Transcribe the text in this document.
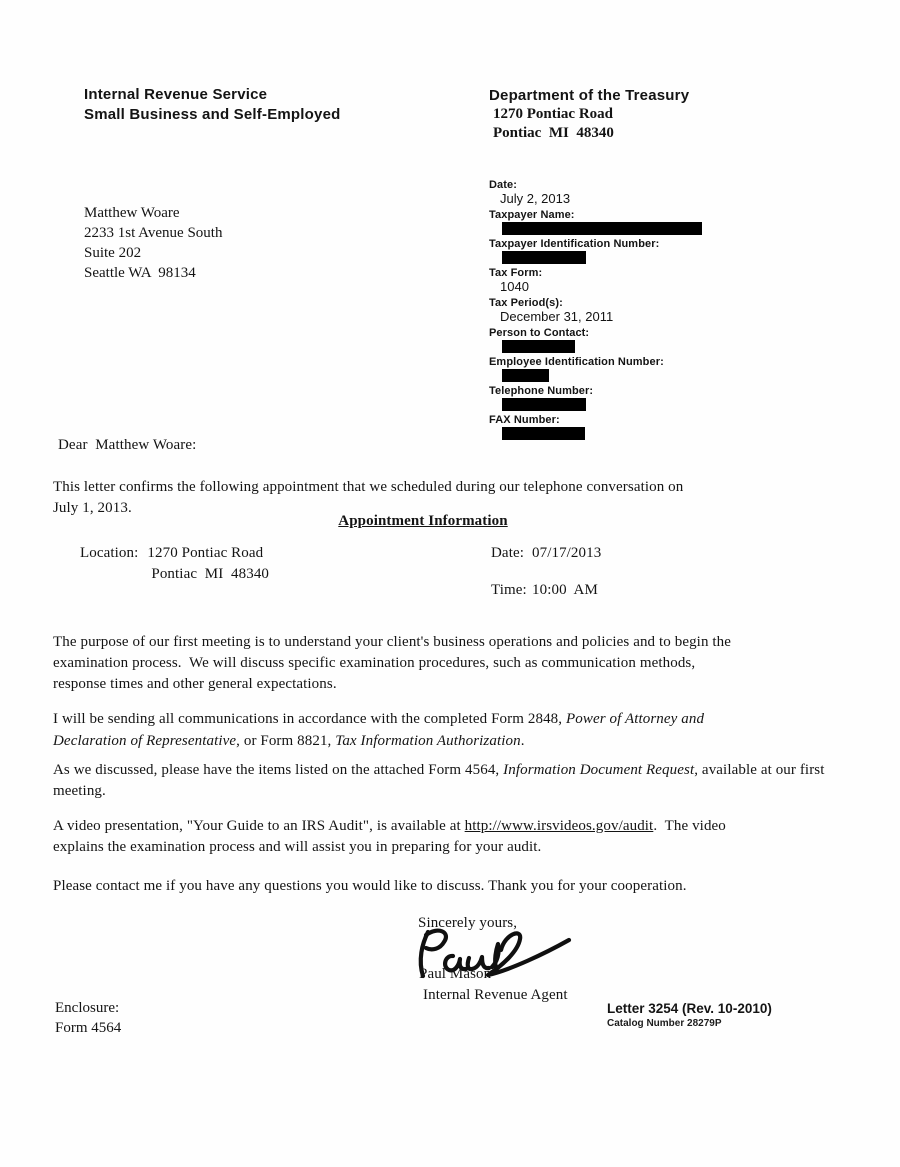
Internal Revenue Service
Small Business and Self-Employed
Department of the Treasury
1270 Pontiac Road
Pontiac  MI  48340
Matthew Woare
2233 1st Avenue South
Suite 202
Seattle WA  98134
Date:
July 2, 2013
Taxpayer Name:
Taxpayer Identification Number:
Tax Form:
1040
Tax Period(s):
December 31, 2011
Person to Contact:
Employee Identification Number:
Telephone Number:
FAX Number:
Dear  Matthew Woare:
This letter confirms the following appointment that we scheduled during our telephone conversation on
July 1, 2013.
Appointment Information
Location: 1270 Pontiac Road
Pontiac  MI  48340
Date: 07/17/2013
Time: 10:00  AM
The purpose of our first meeting is to understand your client's business operations and policies and to begin the
examination process.  We will discuss specific examination procedures, such as communication methods,
response times and other general expectations.
I will be sending all communications in accordance with the completed Form 2848, Power of Attorney and
Declaration of Representative, or Form 8821, Tax Information Authorization.
As we discussed, please have the items listed on the attached Form 4564, Information Document Request, available at our first meeting.
A video presentation, "Your Guide to an IRS Audit", is available at http://www.irsvideos.gov/audit.  The video
explains the examination process and will assist you in preparing for your audit.
Please contact me if you have any questions you would like to discuss. Thank you for your cooperation.
Sincerely yours,
Paul Mason
Internal Revenue Agent
Enclosure:
Form 4564
Letter 3254 (Rev. 10-2010)
Catalog Number 28279P
